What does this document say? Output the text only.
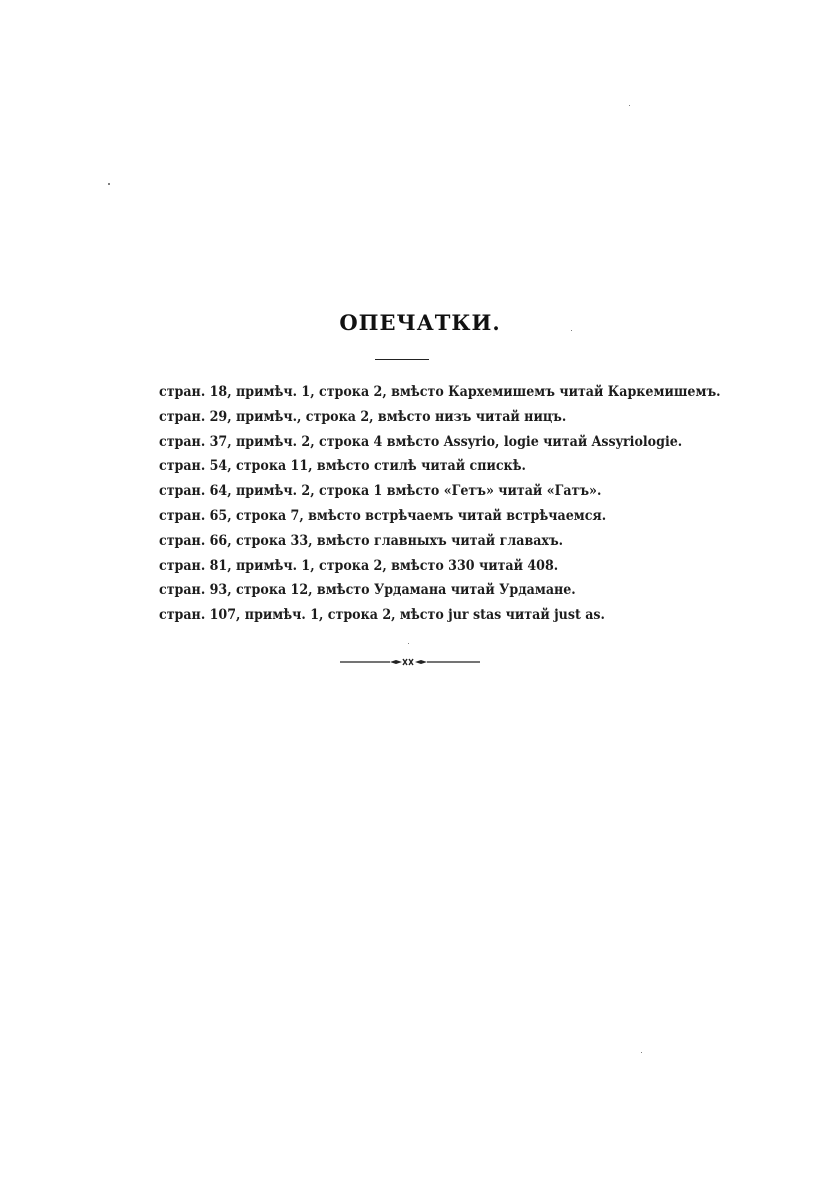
ОПЕЧАТКИ.
стран. 18, примѣч. 1, строка 2, вмѣсто Кархемишемъ читай Каркемишемъ.
стран. 29, примѣч., строка 2, вмѣсто низъ читай ницъ.
стран. 37, примѣч. 2, строка 4 вмѣсто Assyrio, logie читай Assyriologie.
стран. 54, строка 11, вмѣсто стилѣ читай спискѣ.
стран. 64, примѣч. 2, строка 1 вмѣсто «Гетъ» читай «Гатъ».
стран. 65, строка 7, вмѣсто встрѣчаемъ читай встрѣчаемся.
стран. 66, строка 33, вмѣсто главныхъ читай главахъ.
стран. 81, примѣч. 1, строка 2, вмѣсто 330 читай 408.
стран. 93, строка 12, вмѣсто Урдамана читай Урдамане.
стран. 107, примѣч. 1, строка 2, мѣсто jur stas читай just as.
